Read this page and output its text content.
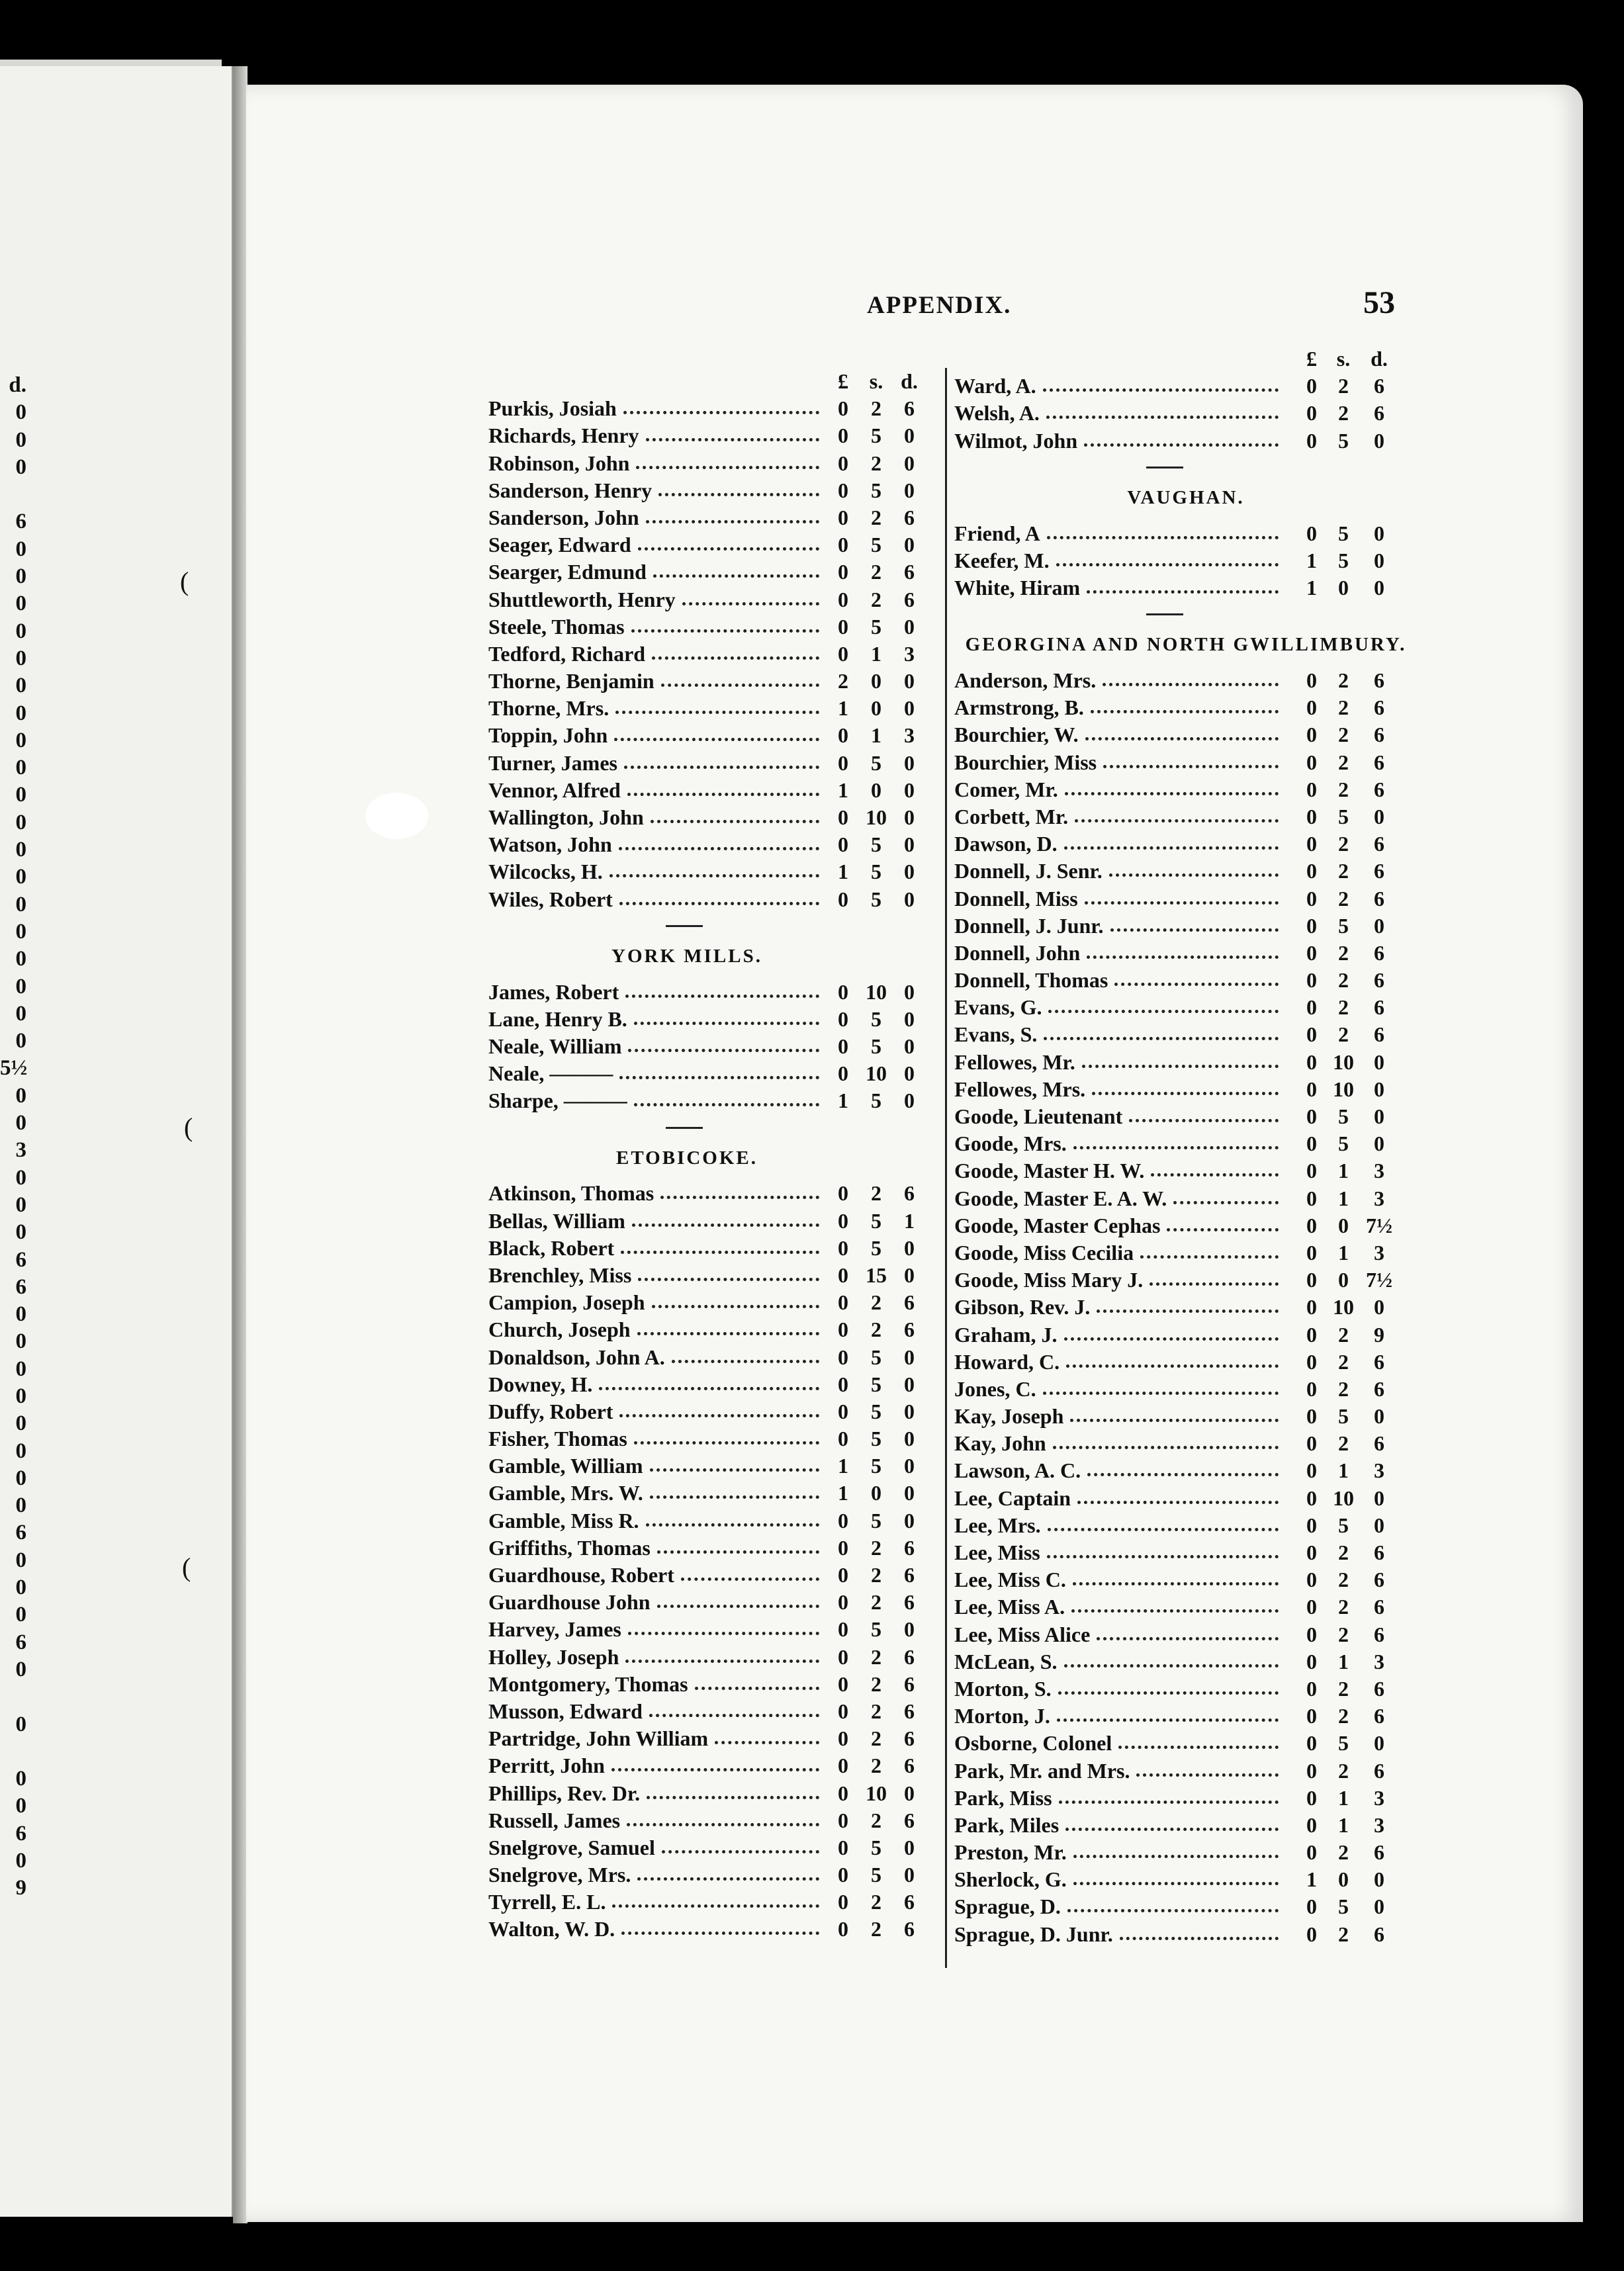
d.
0
0
0
6
0
0
0
0
0
0
0
0
0
0
0
0
0
0
0
0
0
0
0
5½
0
0
3
0
0
0
6
6
0
0
0
0
0
0
0
0
6
0
0
0
6
0
0
0
0
6
0
9
(
(
(
APPENDIX.	53
£ s. d.
Purkis, Josiah	0	2	6
Richards, Henry	0	5	0
Robinson, John	0	2	0
Sanderson, Henry	0	5	0
Sanderson, John	0	2	6
Seager, Edward	0	5	0
Searger, Edmund	0	2	6
Shuttleworth, Henry	0	2	6
Steele, Thomas	0	5	0
Tedford, Richard	0	1	3
Thorne, Benjamin	2	0	0
Thorne, Mrs.	1	0	0
Toppin, John	0	1	3
Turner, James	0	5	0
Vennor, Alfred	1	0	0
Wallington, John	0 10 0
Watson, John	0	5	0
Wilcocks, H.	1	5	0
Wiles, Robert	0	5	0
YORK MILLS.
James, Robert	0 10 0
Lane, Henry B.	0	5	0
Neale, William	0	5	0
Neale, ———	0 10 0
Sharpe, ———	1	5	0
ETOBICOKE.
Atkinson, Thomas	0	2	6
Bellas, William	0	5	1
Black, Robert	0	5	0
Brenchley, Miss	0 15 0
Campion, Joseph	0	2	6
Church, Joseph	0	2	6
Donaldson, John A.	0	5	0
Downey, H.	0	5	0
Duffy, Robert	0	5	0
Fisher, Thomas	0	5	0
Gamble, William	1	5	0
Gamble, Mrs. W.	1	0	0
Gamble, Miss R.	0	5	0
Griffiths, Thomas	0	2	6
Guardhouse, Robert	0	2	6
Guardhouse John	0	2	6
Harvey, James	0	5	0
Holley, Joseph	0	2	6
Montgomery, Thomas	0	2	6
Musson, Edward	0	2	6
Partridge, John William	0	2	6
Perritt, John	0	2	6
Phillips, Rev. Dr.	0 10 0
Russell, James	0	2	6
Snelgrove, Samuel	0	5	0
Snelgrove, Mrs.	0	5	0
Tyrrell, E. L.	0	2	6
Walton, W. D.	0	2	6
£ s. d.
Ward, A.	0	2	6
Welsh, A.	0	2	6
Wilmot, John	0	5	0
VAUGHAN.
Friend, A	0	5	0
Keefer, M.	1	5	0
White, Hiram	1	0	0
GEORGINA AND NORTH GWILLIMBURY.
Anderson, Mrs.	0	2	6
Armstrong, B.	0	2	6
Bourchier, W.	0	2	6
Bourchier, Miss	0	2	6
Comer, Mr.	0	2	6
Corbett, Mr.	0	5	0
Dawson, D.	0	2	6
Donnell, J. Senr.	0	2	6
Donnell, Miss	0	2	6
Donnell, J. Junr.	0	5	0
Donnell, John	0	2	6
Donnell, Thomas	0	2	6
Evans, G.	0	2	6
Evans, S.	0	2	6
Fellowes, Mr.	0 10 0
Fellowes, Mrs.	0 10 0
Goode, Lieutenant	0	5	0
Goode, Mrs.	0	5	0
Goode, Master H. W.	0	1	3
Goode, Master E. A. W.	0	1	3
Goode, Master Cephas	0	0 7½
Goode, Miss Cecilia	0	1	3
Goode, Miss Mary J.	0	0 7½
Gibson, Rev. J.	0 10 0
Graham, J.	0	2	9
Howard, C.	0	2	6
Jones, C.	0	2	6
Kay, Joseph	0	5	0
Kay, John	0	2	6
Lawson, A. C.	0	1	3
Lee, Captain	0 10 0
Lee, Mrs.	0	5	0
Lee, Miss	0	2	6
Lee, Miss C.	0	2	6
Lee, Miss A.	0	2	6
Lee, Miss Alice	0	2	6
McLean, S.	0	1	3
Morton, S.	0	2	6
Morton, J.	0	2	6
Osborne, Colonel	0	5	0
Park, Mr. and Mrs.	0	2	6
Park, Miss	0	1	3
Park, Miles	0	1	3
Preston, Mr.	0	2	6
Sherlock, G.	1	0	0
Sprague, D.	0	5	0
Sprague, D. Junr.	0	2	6
